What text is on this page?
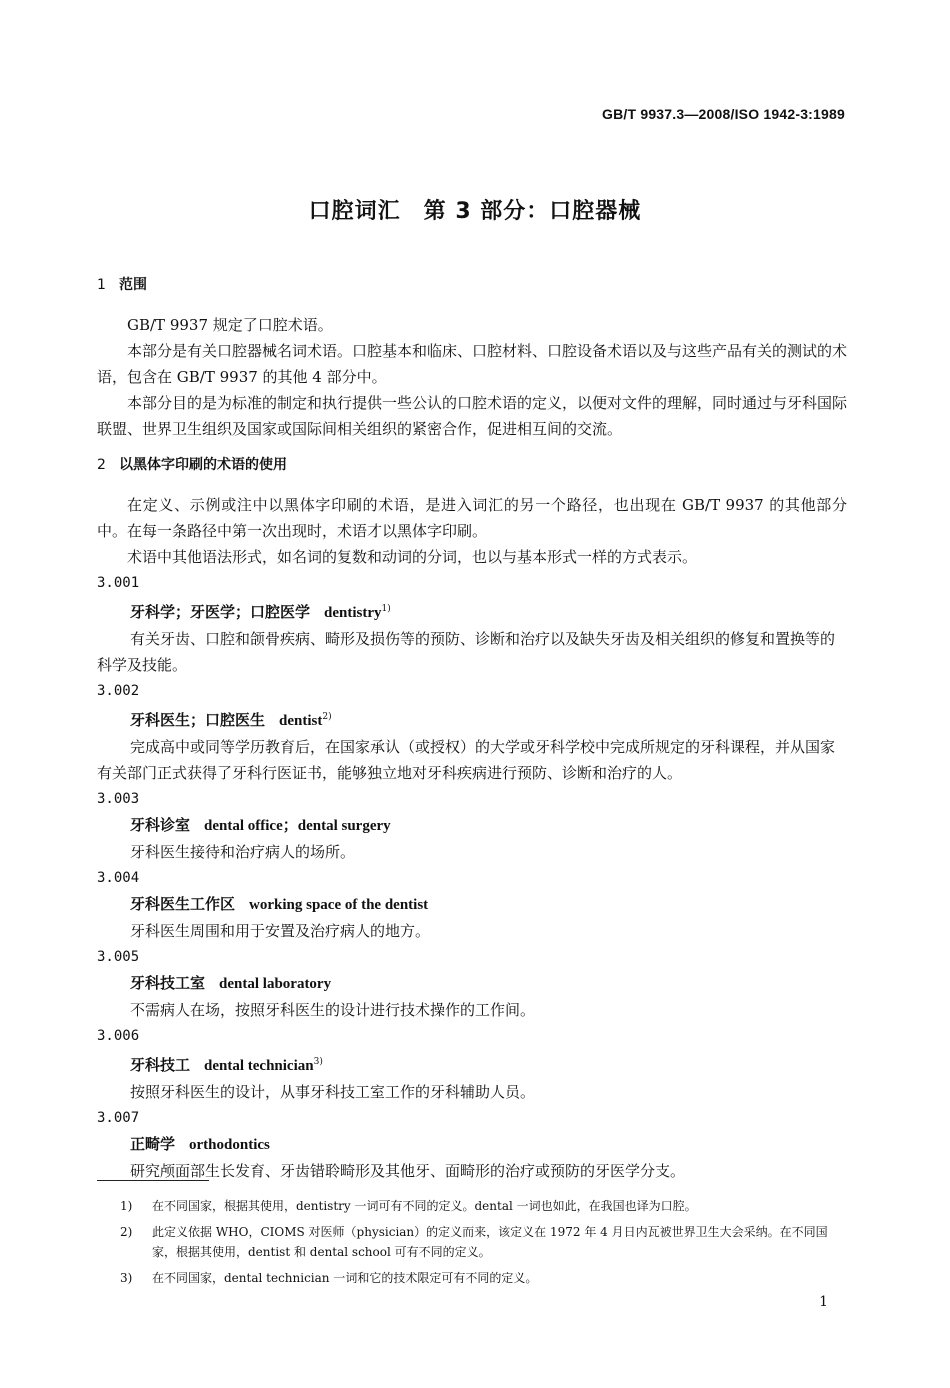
GB/T 9937.3—2008/ISO 1942-3:1989
口腔词汇　第 3 部分：口腔器械

1 范围

GB/T 9937 规定了口腔术语。

本部分是有关口腔器械名词术语。口腔基本和临床、口腔材料、口腔设备术语以及与这些产品有关的测试的术语，包含在 GB/T 9937 的其他 4 部分中。

本部分目的是为标准的制定和执行提供一些公认的口腔术语的定义，以便对文件的理解，同时通过与牙科国际联盟、世界卫生组织及国家或国际间相关组织的紧密合作，促进相互间的交流。

2 以黑体字印刷的术语的使用

在定义、示例或注中以黑体字印刷的术语，是进入词汇的另一个路径，也出现在 GB/T 9937 的其他部分中。在每一条路径中第一次出现时，术语才以黑体字印刷。

术语中其他语法形式，如名词的复数和动词的分词，也以与基本形式一样的方式表示。

3.001

牙科学；牙医学；口腔医学 dentistry$^{1)}$

有关牙齿、口腔和颌骨疾病、畸形及损伤等的预防、诊断和治疗以及缺失牙齿及相关组织的修复和置换等的科学及技能。

3.002

牙科医生；口腔医生 dentist$^{2)}$

完成高中或同等学历教育后，在国家承认（或授权）的大学或牙科学校中完成所规定的牙科课程，并从国家有关部门正式获得了牙科行医证书，能够独立地对牙科疾病进行预防、诊断和治疗的人。

3.003

牙科诊室 dental office；dental surgery

牙科医生接待和治疗病人的场所。

3.004

牙科医生工作区 working space of the dentist

牙科医生周围和用于安置及治疗病人的地方。

3.005

牙科技工室 dental laboratory

不需病人在场，按照牙科医生的设计进行技术操作的工作间。

3.006

牙科技工 dental technician$^{3)}$

按照牙科医生的设计，从事牙科技工室工作的牙科辅助人员。

3.007

正畸学 orthodontics

研究颅面部生长发育、牙齿错聆畸形及其他牙、面畸形的治疗或预防的牙医学分支。

1) 在不同国家，根据其使用，dentistry 一词可有不同的定义。dental 一词也如此，在我国也译为口腔。

2) 此定义依据 WHO，CIOMS 对医师（physician）的定义而来，该定义在 1972 年 4 月日内瓦被世界卫生大会采纳。在不同国家，根据其使用，dentist 和 dental school 可有不同的定义。

3) 在不同国家，dental technician 一词和它的技术限定可有不同的定义。

1
